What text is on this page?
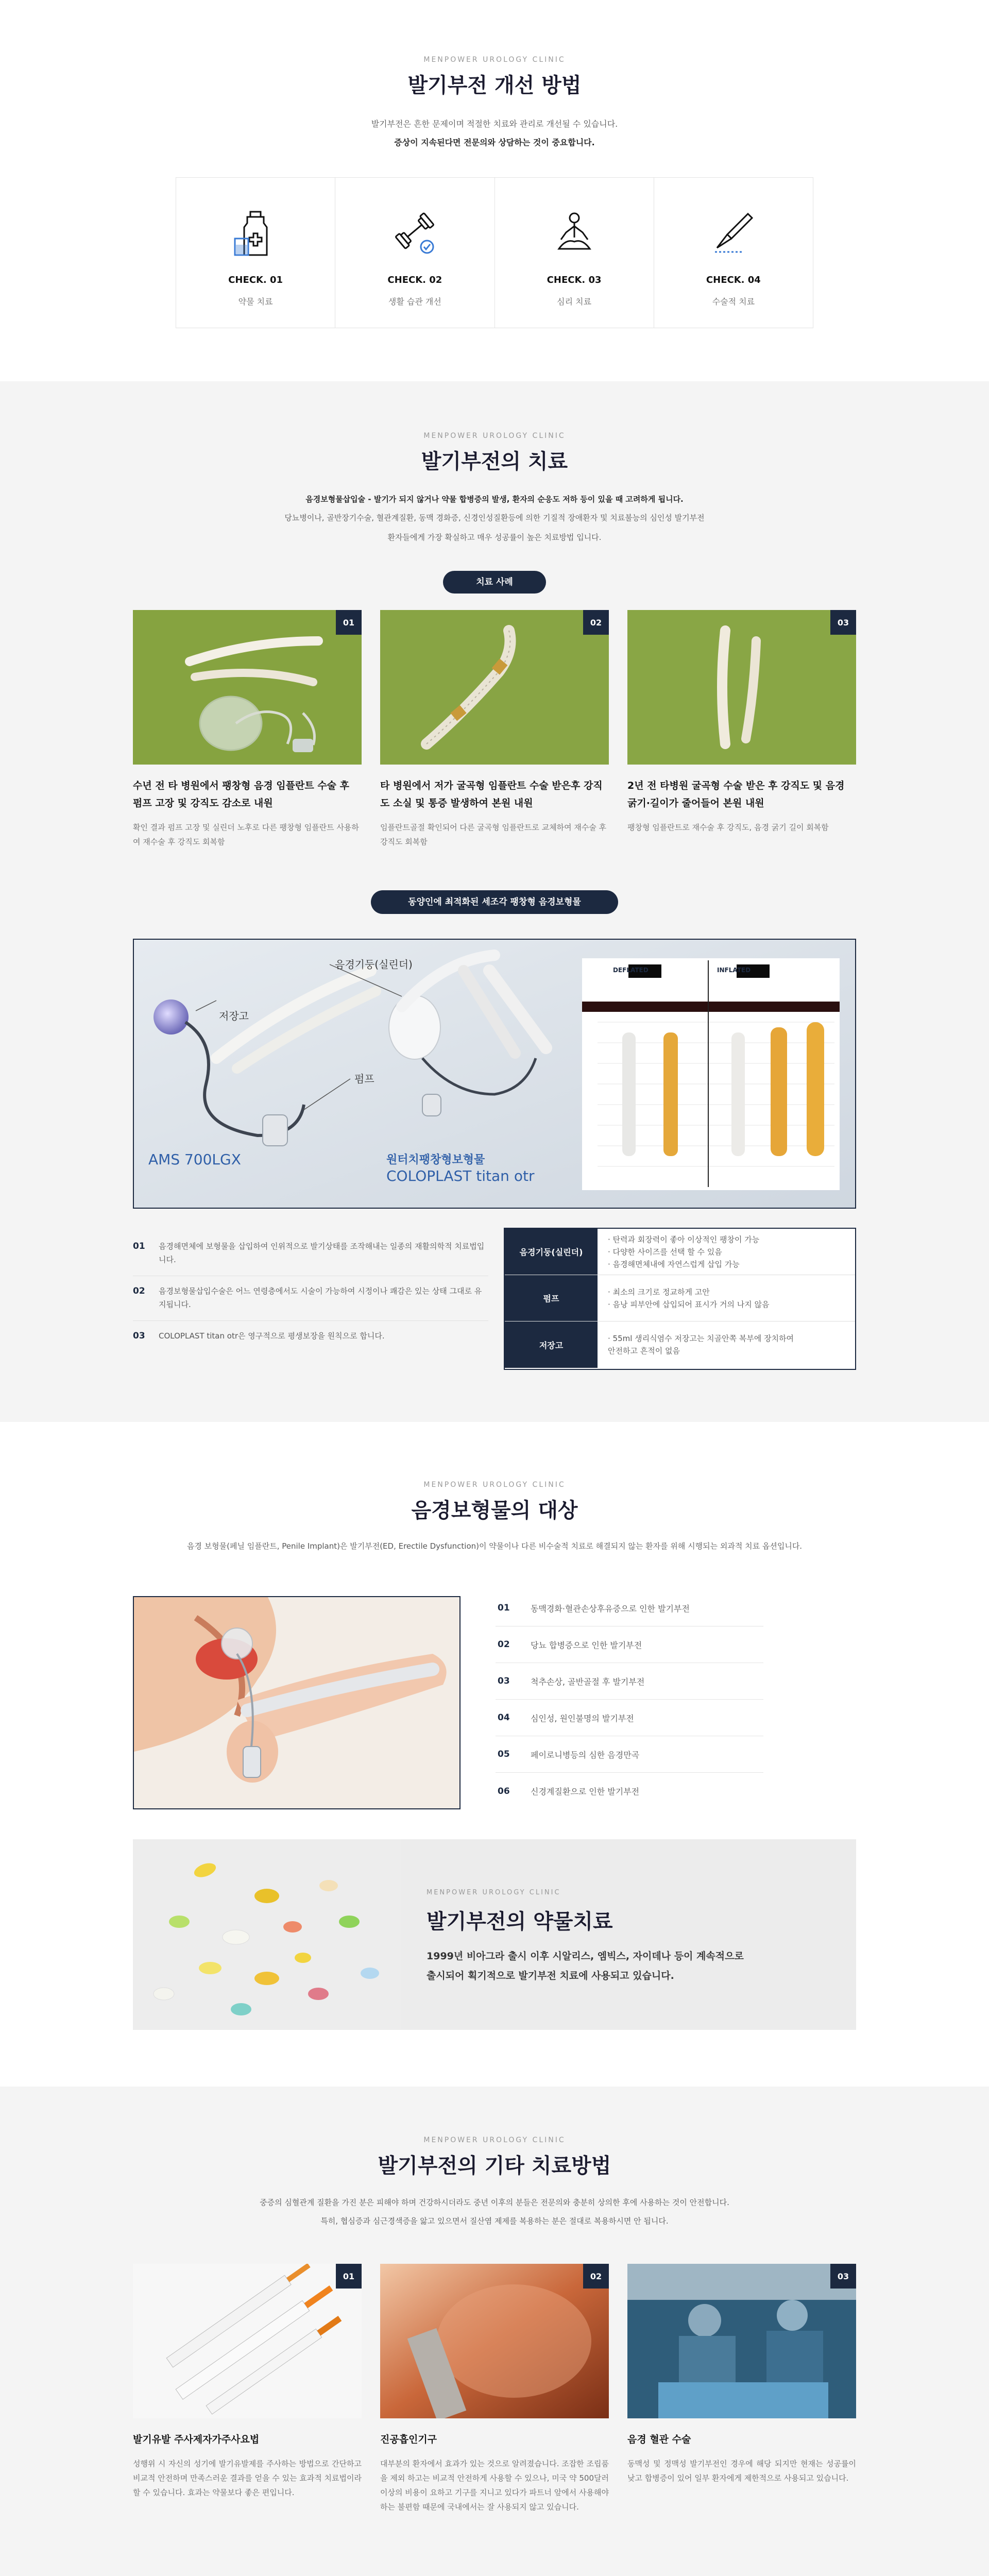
MENPOWER UROLOGY CLINIC
발기부전 개선 방법
발기부전은 흔한 문제이며 적절한 치료와 관리로 개선될 수 있습니다.
증상이 지속된다면 전문의와 상담하는 것이 중요합니다.
CHECK. 01
약물 치료
CHECK. 02
생활 습관 개선
CHECK. 03
심리 치료
CHECK. 04
수술적 치료
MENPOWER UROLOGY CLINIC
발기부전의 치료
음경보형물삽입술 - 발기가 되지 않거나 약물 합병증의 발생, 환자의 순응도 저하 등이 있을 때 고려하게 됩니다.
당뇨병이나, 골반장기수술, 혈관계질환, 동맥 경화증, 신경인성질환등에 의한 기질적 장애환자 및 치료불능의 심인성 발기부전
환자들에게 가장 확실하고 매우 성공률이 높은 치료방법 입니다.
치료 사례
01
수년 전 타 병원에서 팽창형 음경 임플란트 수술 후 펌프 고장 및 강직도 감소로 내원
확인 결과 펌프 고장 및 실린더 노후로 다른 팽창형 임플란트 사용하여 재수술 후 강직도 회복함
02
타 병원에서 저가 굴곡형 임플란트 수술 받은후 강직도 소실 및 통증 발생하여 본원 내원
임플란트골절 확인되어 다른 굴곡형 임플란트로 교체하여 재수술 후 강직도 회복함
03
2년 전 타병원 굴곡형 수술 받은 후 강직도 및 음경 굵기·길이가 줄어들어 본원 내원
팽창형 임플란트로 재수술 후 강직도, 음경 굵기 길이 회복함
동양인에 최적화된 세조각 팽창형 음경보형물
DEFLATED	INFLATED
음경기둥(실린더)
저장고
펌프
AMS 700LGX	원터치팽창형보형물
COLOPLAST titan otr
01	음경해면체에 보형물을 삽입하여 인위적으로 발기상태를 조작해내는 일종의 재활의학적 치료법입니다.
02	음경보형물삽입수술은 어느 연령층에서도 시술이 가능하여 시정이나 쾌감은 있는 상태 그대로 유지됩니다.
03	COLOPLAST titan otr은 영구적으로 평생보장을 원칙으로 합니다.
음경기둥(실린더)
· 탄력과 회장력이 좋아 이상적인 팽창이 가능
· 다양한 사이즈를 선택 할 수 있음
· 음경해면체내에 자연스럽게 삽입 가능
펌프
· 최소의 크기로 정교하게 고안
· 음낭 피부안에 삽입되어 표시가 거의 나지 않음
저장고
· 55ml 생리식염수 저장고는 치골안쪽 복부에 장치하여
안전하고 흔적이 없음
MENPOWER UROLOGY CLINIC
음경보형물의 대상
음경 보형물(페닐 임플란트, Penile Implant)은 발기부전(ED, Erectile Dysfunction)이 약물이나 다른 비수술적 치료로 해결되지 않는 환자를 위해 시행되는 외과적 치료 옵션입니다.
01	동맥경화·혈관손상후유증으로 인한 발기부전
02	당뇨 합병증으로 인한 발기부전
03	척추손상, 골반골절 후 발기부전
04	심인성, 원인불명의 발기부전
05	페이로니병등의 심한 음경만곡
06	신경계질환으로 인한 발기부전
MENPOWER UROLOGY CLINIC
발기부전의 약물치료
1999년 비아그라 출시 이후 시알리스, 엠빅스, 자이데나 등이 계속적으로
출시되어 획기적으로 발기부전 치료에 사용되고 있습니다.
MENPOWER UROLOGY CLINIC
발기부전의 기타 치료방법
중증의 심혈관계 질환을 가진 분은 피해야 하며 건강하시더라도 중년 이후의 분들은 전문의와 충분히 상의한 후에 사용하는 것이 안전합니다.
특히, 협심증과 심근경색증을 앓고 있으면서 질산염 제제를 복용하는 분은 절대로 복용하시면 안 됩니다.
01
발기유발 주사제자가주사요법
성행위 시 자신의 성기에 발기유발제를 주사하는 방법으로 간단하고 비교적 안전하며 만족스러운 결과를 얻을 수 있는 효과적 치료법이라 할 수 있습니다. 효과는 약물보다 좋은 편입니다.
02
진공흡인기구
대부분의 환자에서 효과가 있는 것으로 알려졌습니다. 조잡한 조립품을 제외 하고는 비교적 안전하게 사용할 수 있으나, 미국 약 500달러 이상의 비용이 요하고 기구를 지니고 있다가 파트너 앞에서 사용해야 하는 불편함 때문에 국내에서는 잘 사용되지 않고 있습니다.
03
음경 혈관 수술
동맥성 및 정맥성 발기부전인 경우에 해당 되지만 현재는 성공률이 낮고 합병증이 있어 일부 환자에게 제한적으로 사용되고 있습니다.
